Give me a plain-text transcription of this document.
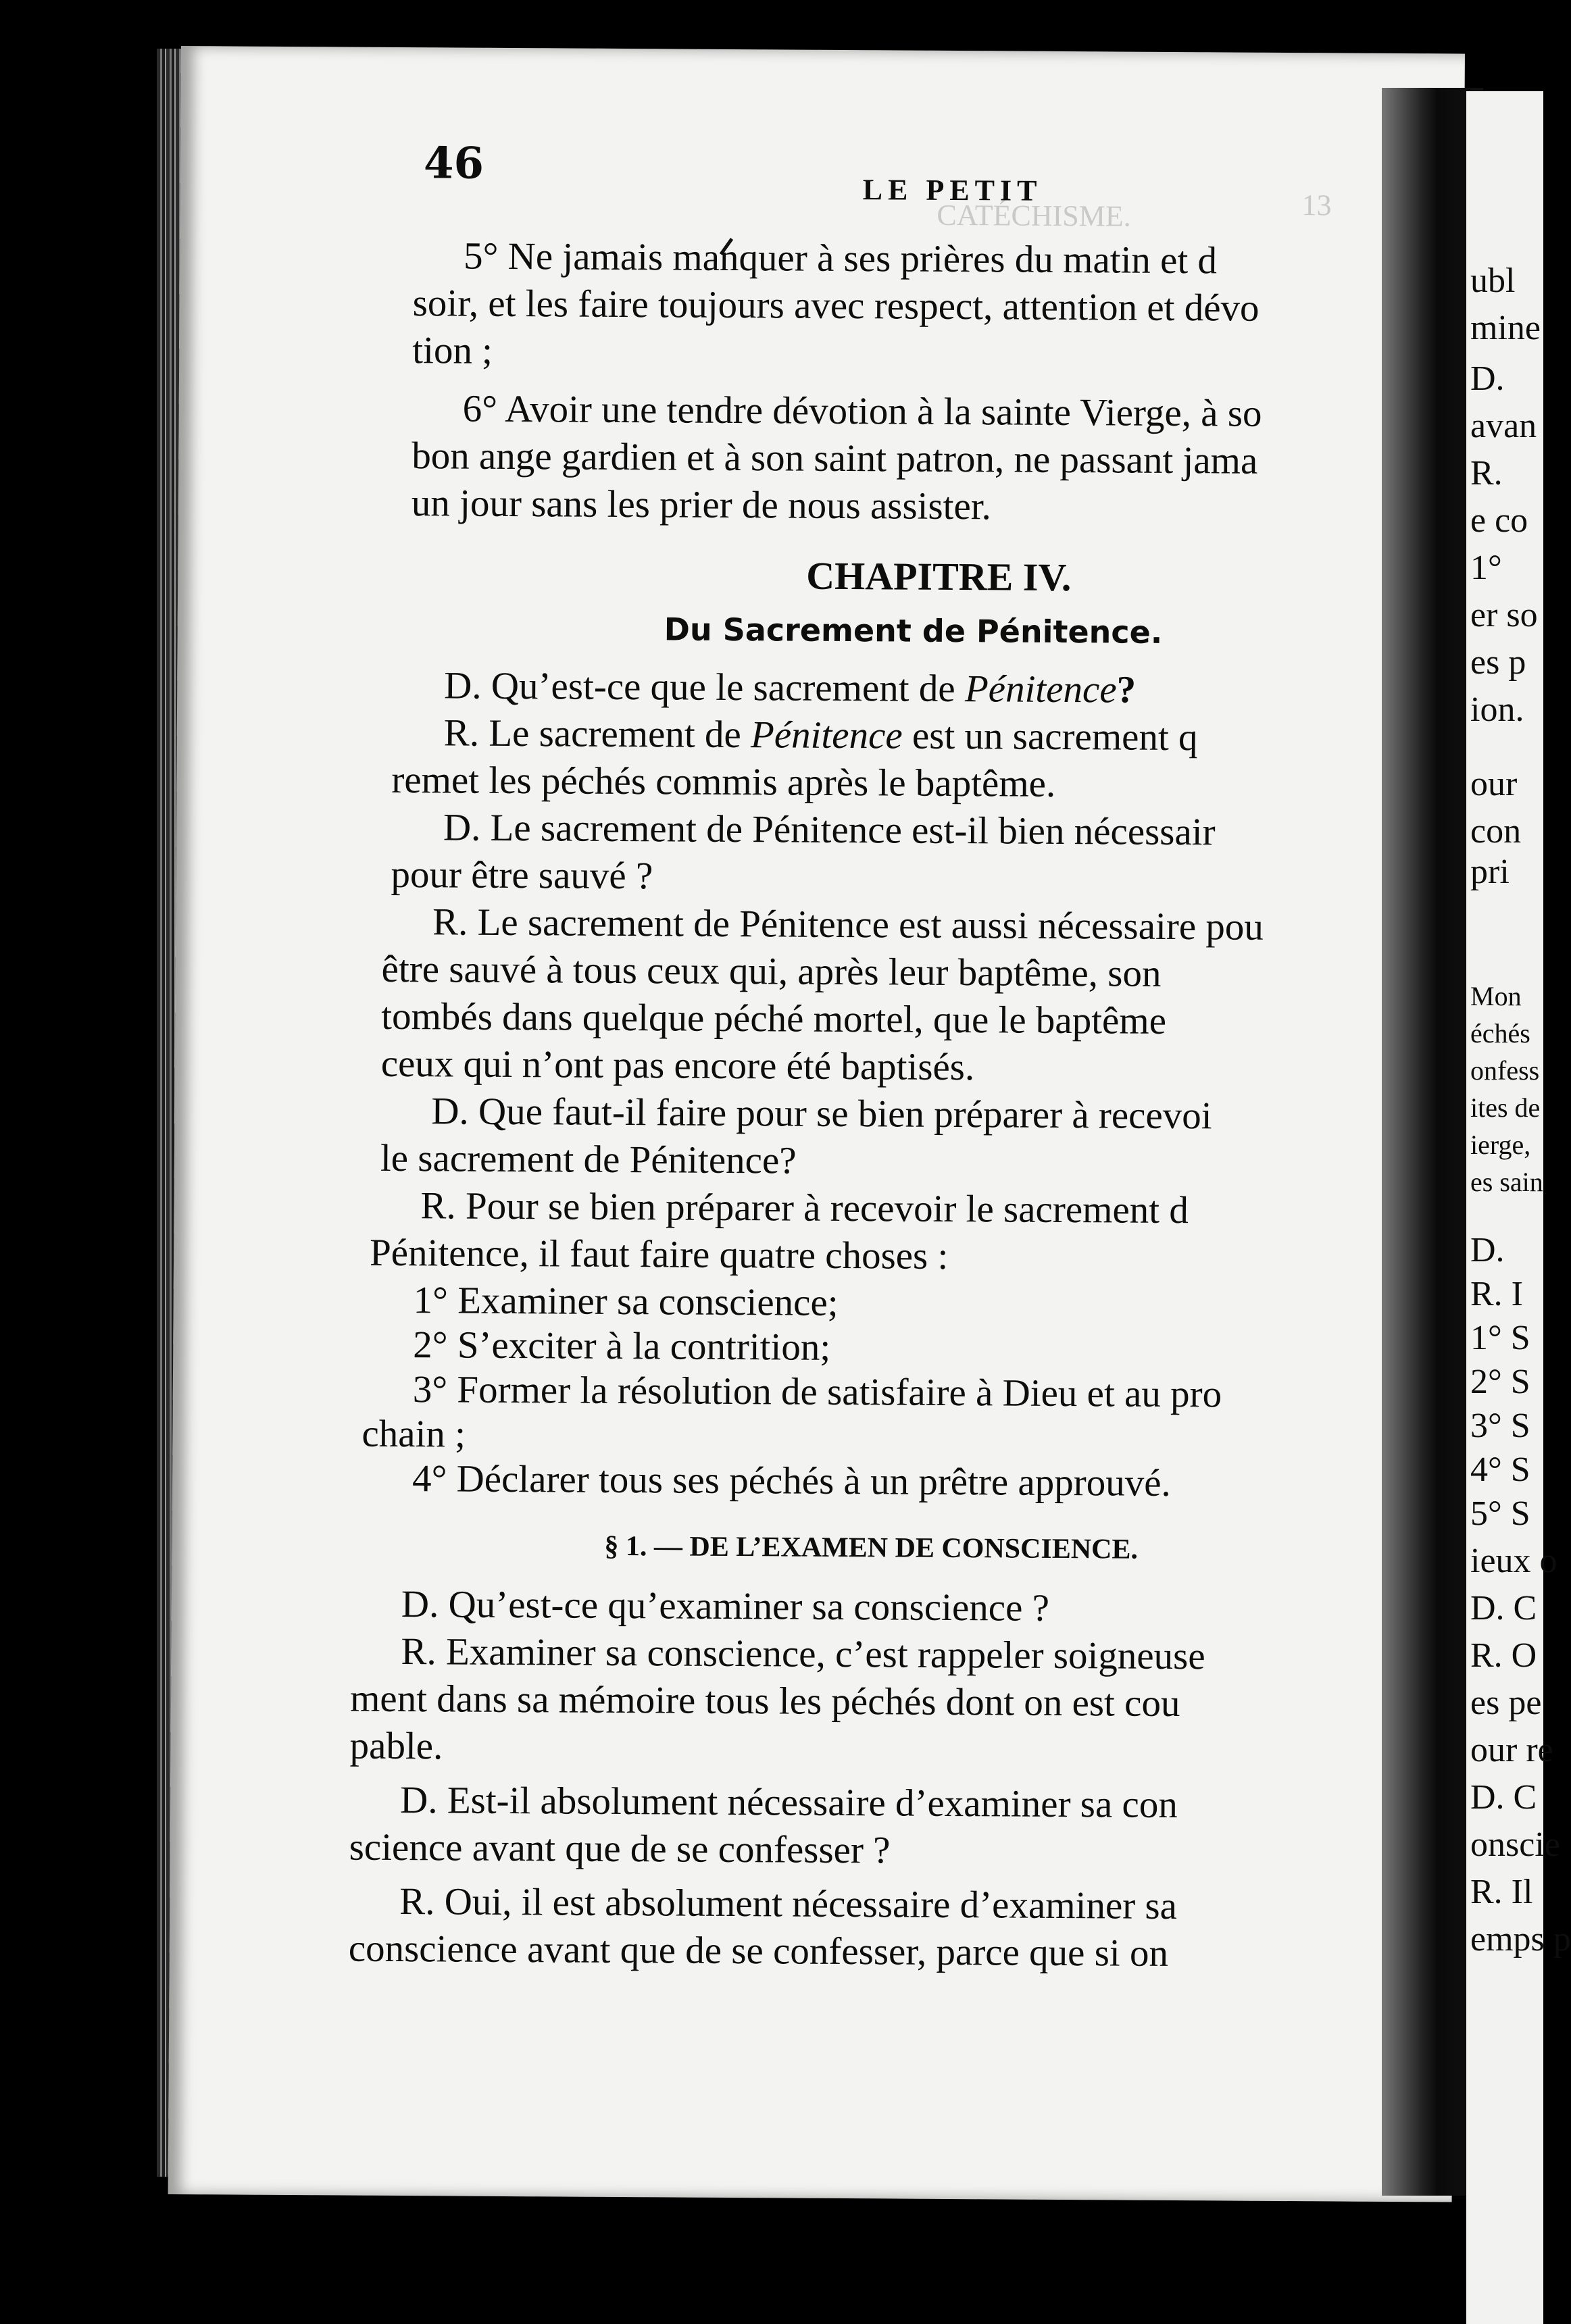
13
CATÉCHISME.
46
LE PETIT
5° Ne jamais manquer à ses prières du matin et d
soir, et les faire toujours avec respect, attention et dévo
tion ;
6° Avoir une tendre dévotion à la sainte Vierge, à so
bon ange gardien et à son saint patron, ne passant jama
un jour sans les prier de nous assister.
CHAPITRE IV.
Du Sacrement de Pénitence.
D. Qu’est-ce que le sacrement de Pénitence?
R. Le sacrement de Pénitence est un sacrement q
remet les péchés commis après le baptême.
D. Le sacrement de Pénitence est-il bien nécessair
pour être sauvé ?
R. Le sacrement de Pénitence est aussi nécessaire pou
être sauvé à tous ceux qui, après leur baptême, son
tombés dans quelque péché mortel, que le baptême
ceux qui n’ont pas encore été baptisés.
D. Que faut-il faire pour se bien préparer à recevoi
le sacrement de Pénitence?
R. Pour se bien préparer à recevoir le sacrement d
Pénitence, il faut faire quatre choses :
1° Examiner sa conscience;
2° S’exciter à la contrition;
3° Former la résolution de satisfaire à Dieu et au pro
chain ;
4° Déclarer tous ses péchés à un prêtre approuvé.
§ 1. — DE L’EXAMEN DE CONSCIENCE.
D. Qu’est-ce qu’examiner sa conscience ?
R. Examiner sa conscience, c’est rappeler soigneuse
ment dans sa mémoire tous les péchés dont on est cou
pable.
D. Est-il absolument nécessaire d’examiner sa con
science avant que de se confesser ?
R. Oui, il est absolument nécessaire d’examiner sa
conscience avant que de se confesser, parce que si on
ubl
mine
D.
avan
R.
e co
1°
er so
es p
ion.
our
con
pri
Mon
échés
onfess
ites de
ierge,
es sain
D.
R. I
1° S
2° S
3° S
4° S
5° S
ieux o
D. C
R. O
es pe
our re
D. C
onscie
R. Il
emps p
